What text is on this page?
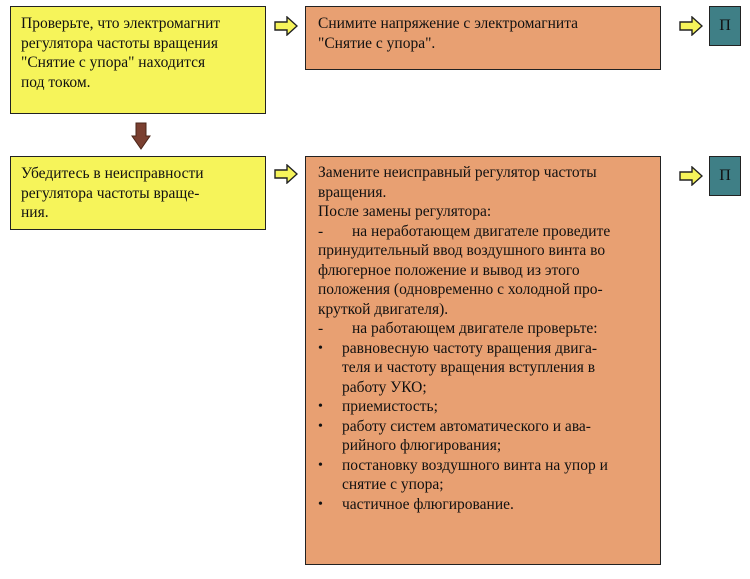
Проверьте, что электромагнит
регулятора частоты вращения
"Снятие с упора" находится
под током.
Снимите напряжение с электромагнита
"Снятие с упора".
П
Убедитесь в неисправности
регулятора частоты враще-
ния.
Замените неисправный регулятор частоты
вращения.
После замены регулятора:
-	на неработающем двигателе проведите
принудительный ввод воздушного винта во
флюгерное положение и вывод из этого
положения (одновременно с холодной про-
круткой двигателя).
-	на работающем двигателе проверьте:
•	равновесную частоту вращения двига-
теля и частоту вращения вступления в
работу УКО;
•	приемистость;
•	работу систем автоматического и ава-
рийного флюгирования;
•	постановку воздушного винта на упор и
снятие с упора;
•	частичное флюгирование.
П
